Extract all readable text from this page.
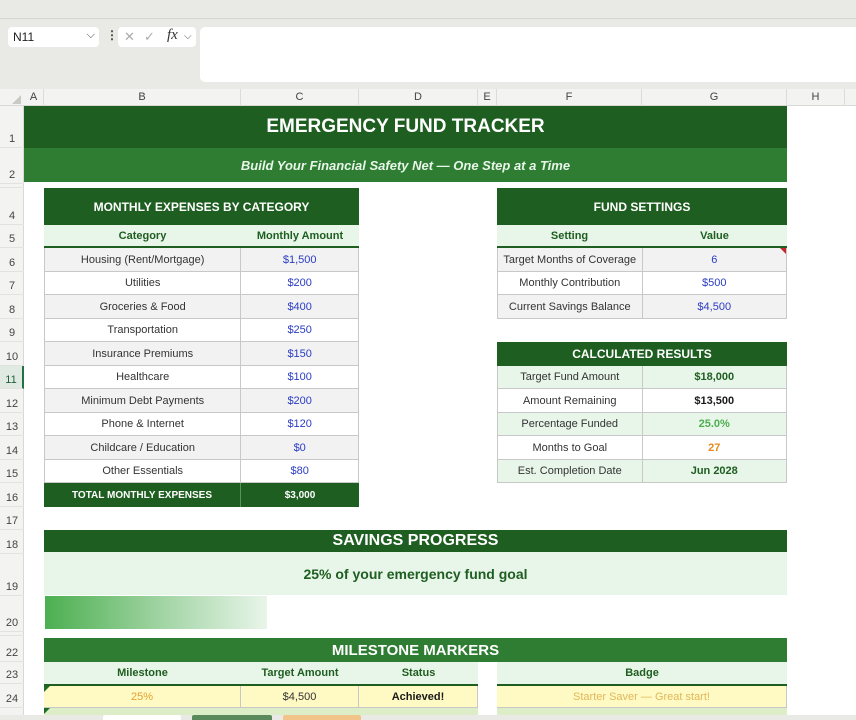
N11	⌵ ⋮ ✕ ✓ fx ⌵
A	B	C	D	E	F	G	H
1
2
4
5
6
7
8
9
10
11
12
13
14
15
16
17
18
19
20
22
23
24
EMERGENCY FUND TRACKER
Build Your Financial Safety Net — One Step at a Time
MONTHLY EXPENSES BY CATEGORY
Category	Monthly Amount
Housing (Rent/Mortgage)	$1,500
Utilities	$200
Groceries & Food	$400
Transportation	$250
Insurance Premiums	$150
Healthcare	$100
Minimum Debt Payments	$200
Phone & Internet	$120
Childcare / Education	$0
Other Essentials	$80
TOTAL MONTHLY EXPENSES	$3,000
FUND SETTINGS
Setting	Value
Target Months of Coverage	6
Monthly Contribution	$500
Current Savings Balance	$4,500
CALCULATED RESULTS
Target Fund Amount	$18,000
Amount Remaining	$13,500
Percentage Funded	25.0%
Months to Goal	27
Est. Completion Date	Jun 2028
SAVINGS PROGRESS
25% of your emergency fund goal
MILESTONE MARKERS
Milestone	Target Amount	Status	Badge
25%	$4,500	Achieved!	Starter Saver — Great start!
